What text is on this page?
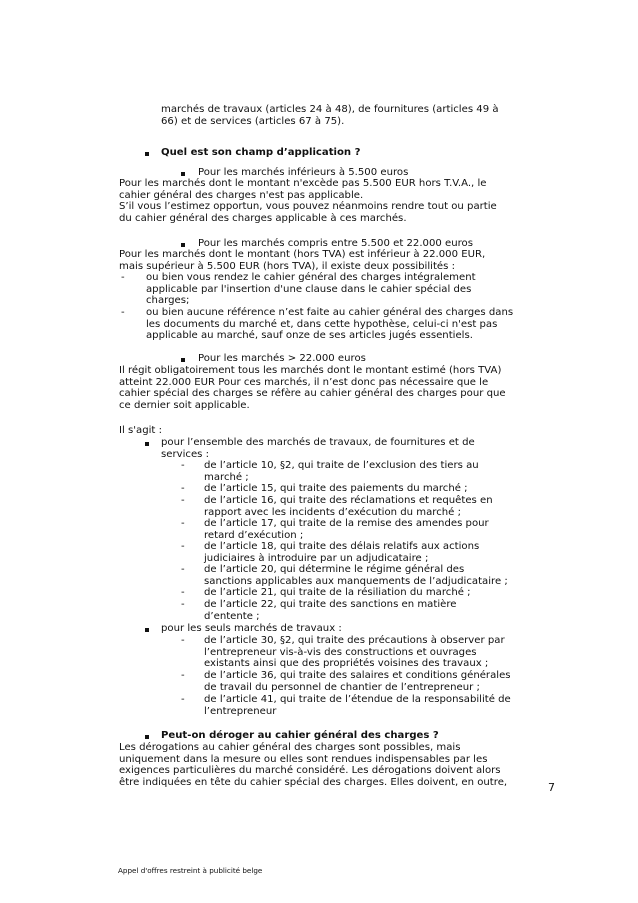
marchés de travaux (articles 24 à 48), de fournitures (articles 49 à
66) et de services (articles 67 à 75).
Quel est son champ d’application ?
Pour les marchés inférieurs à 5.500 euros
Pour les marchés dont le montant n'excède pas 5.500 EUR hors T.V.A., le
cahier général des charges n'est pas applicable.
S’il vous l’estimez opportun, vous pouvez néanmoins rendre tout ou partie
du cahier général des charges applicable à ces marchés.
Pour les marchés compris entre 5.500 et 22.000 euros
Pour les marchés dont le montant (hors TVA) est inférieur à 22.000 EUR,
mais supérieur à 5.500 EUR (hors TVA), il existe deux possibilités :
- ou bien vous rendez le cahier général des charges intégralement
applicable par l'insertion d'une clause dans le cahier spécial des
charges;
- ou bien aucune référence n’est faite au cahier général des charges dans
les documents du marché et, dans cette hypothèse, celui-ci n'est pas
applicable au marché, sauf onze de ses articles jugés essentiels.
Pour les marchés > 22.000 euros
Il régit obligatoirement tous les marchés dont le montant estimé (hors TVA)
atteint 22.000 EUR Pour ces marchés, il n’est donc pas nécessaire que le
cahier spécial des charges se réfère au cahier général des charges pour que
ce dernier soit applicable.
Il s'agit :
pour l’ensemble des marchés de travaux, de fournitures et de
services :
- de l’article 10, §2, qui traite de l’exclusion des tiers au
marché ;
- de l’article 15, qui traite des paiements du marché ;
- de l’article 16, qui traite des réclamations et requêtes en
rapport avec les incidents d’exécution du marché ;
- de l’article 17, qui traite de la remise des amendes pour
retard d’exécution ;
- de l’article 18, qui traite des délais relatifs aux actions
judiciaires à introduire par un adjudicataire ;
- de l’article 20, qui détermine le régime général des
sanctions applicables aux manquements de l’adjudicataire ;
- de l’article 21, qui traite de la résiliation du marché ;
- de l’article 22, qui traite des sanctions en matière
d’entente ;
pour les seuls marchés de travaux :
- de l’article 30, §2, qui traite des précautions à observer par
l’entrepreneur vis-à-vis des constructions et ouvrages
existants ainsi que des propriétés voisines des travaux ;
- de l’article 36, qui traite des salaires et conditions générales
de travail du personnel de chantier de l’entrepreneur ;
- de l’article 41, qui traite de l’étendue de la responsabilité de
l’entrepreneur
Peut-on déroger au cahier général des charges ?
Les dérogations au cahier général des charges sont possibles, mais
uniquement dans la mesure ou elles sont rendues indispensables par les
exigences particulières du marché considéré. Les dérogations doivent alors
être indiquées en tête du cahier spécial des charges. Elles doivent, en outre,	7
Appel d'offres restreint à publicité belge
